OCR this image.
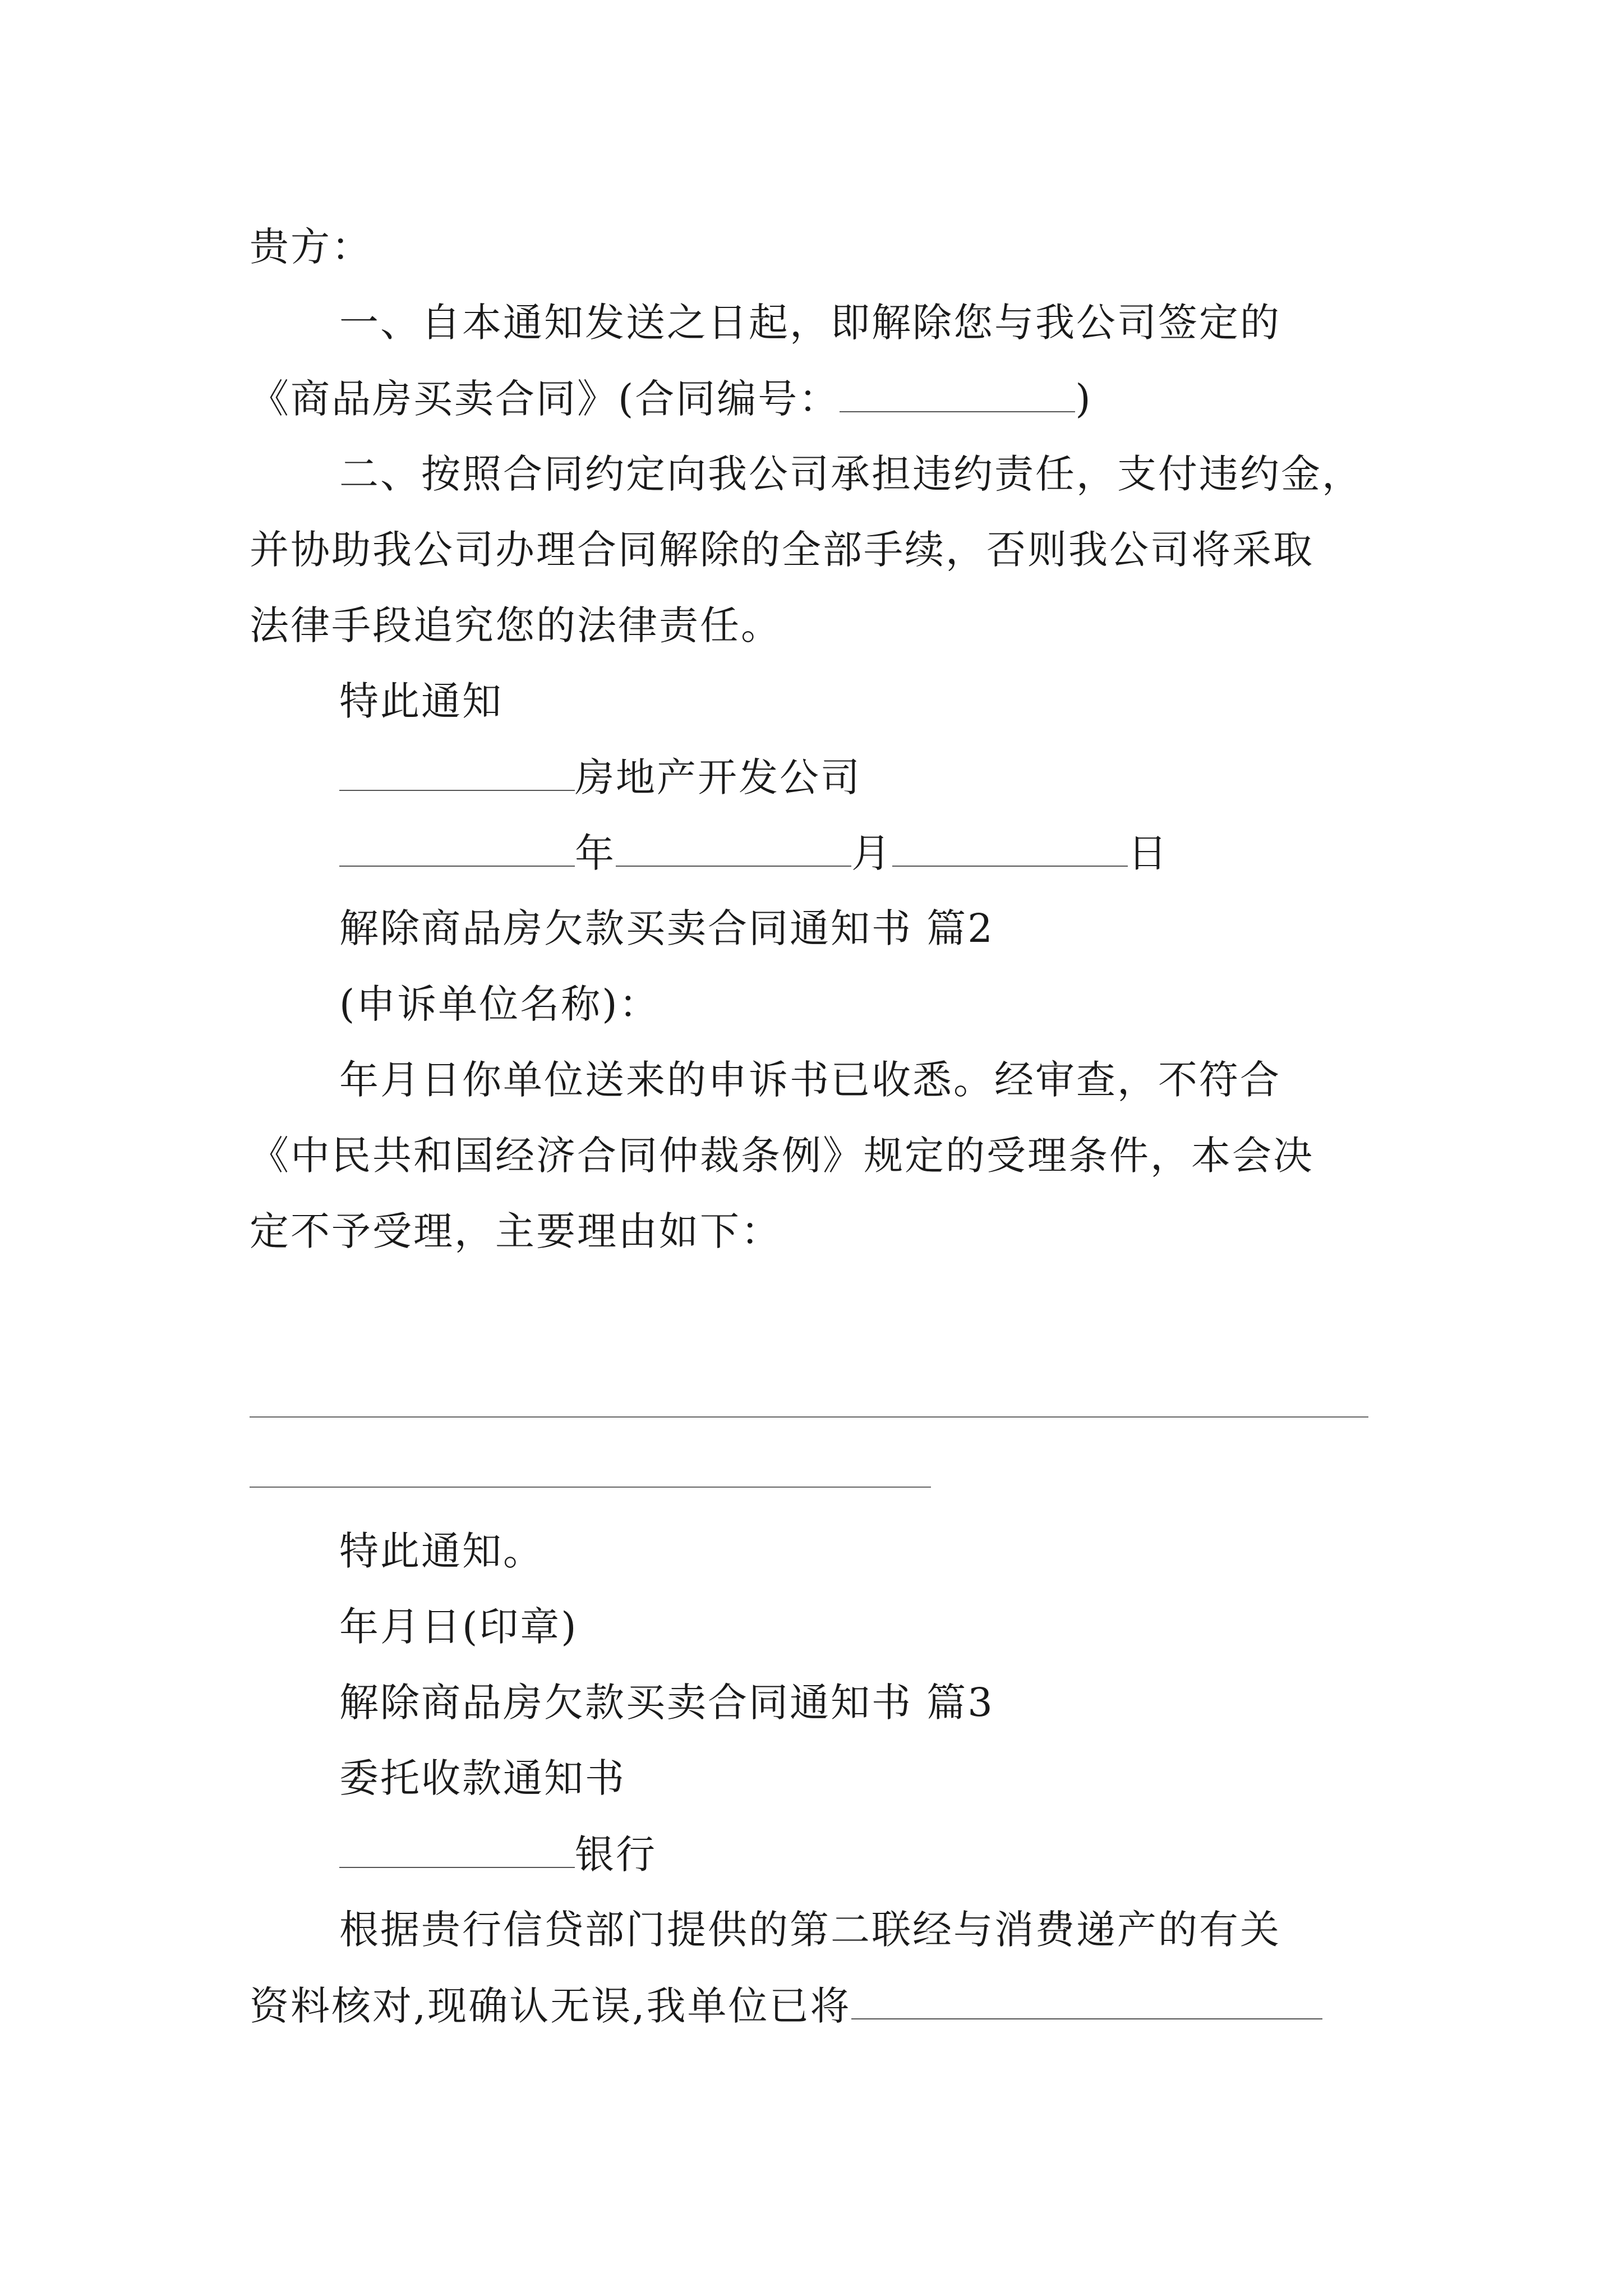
贵方：
一、自本通知发送之日起，即解除您与我公司签定的
《商品房买卖合同》(合同编号：	)
二、按照合同约定向我公司承担违约责任，支付违约金，
并协助我公司办理合同解除的全部手续，否则我公司将采取
法律手段追究您的法律责任。
特此通知
房地产开发公司
年	月	日
解除商品房欠款买卖合同通知书 篇2
(申诉单位名称)：
年月日你单位送来的申诉书已收悉。经审查，不符合
《中民共和国经济合同仲裁条例》规定的受理条件，本会决
定不予受理，主要理由如下：
特此通知。
年月日(印章)
解除商品房欠款买卖合同通知书 篇3
委托收款通知书
银行
根据贵行信贷部门提供的第二联经与消费递产的有关
资料核对,现确认无误,我单位已将
